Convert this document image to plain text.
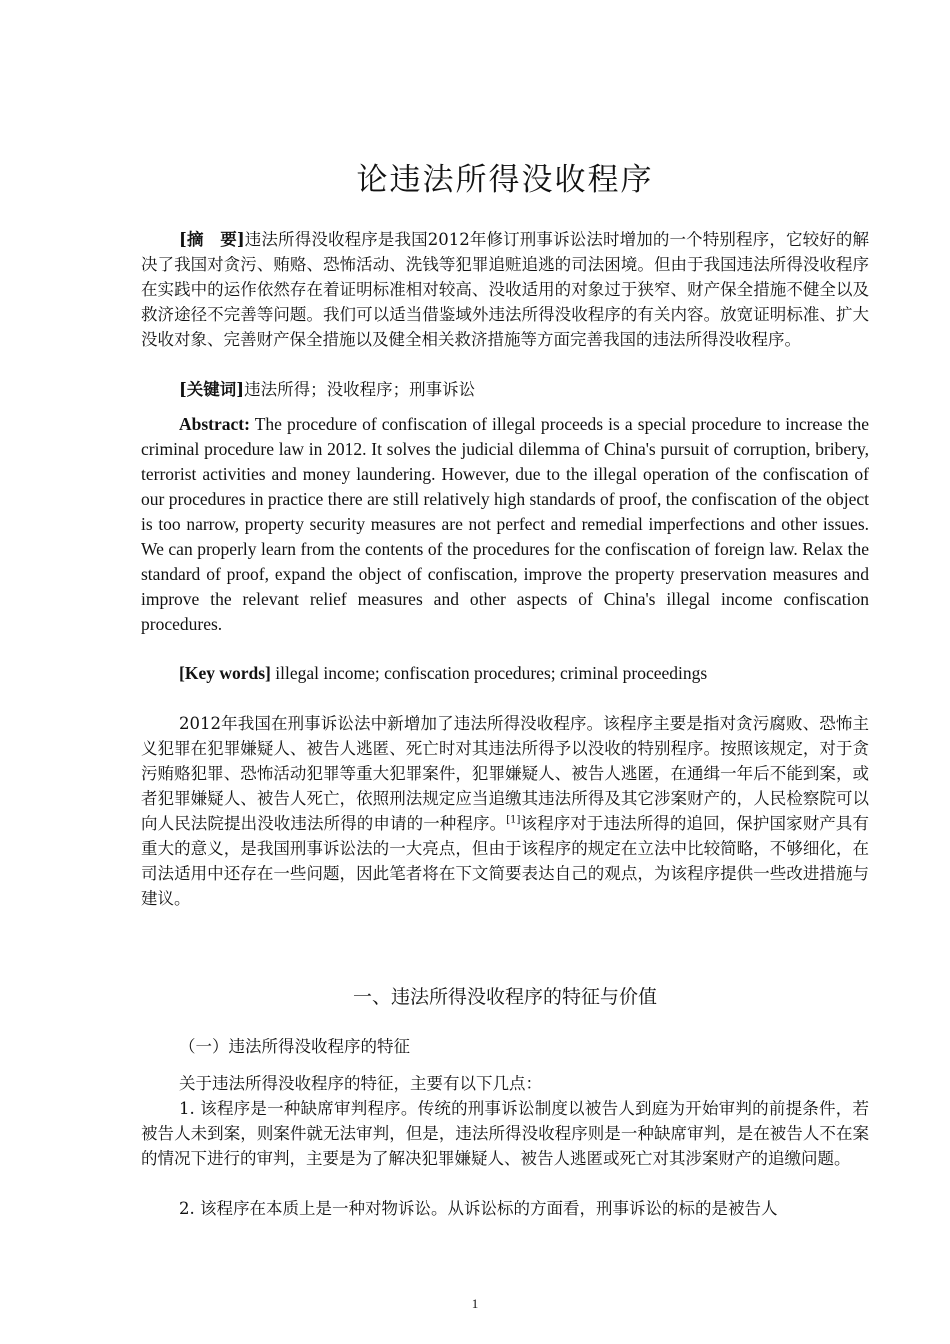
论违法所得没收程序

[摘　要]违法所得没收程序是我国2012年修订刑事诉讼法时增加的一个特别程序，它较好的解决了我国对贪污、贿赂、恐怖活动、洗钱等犯罪追赃追逃的司法困境。但由于我国违法所得没收程序在实践中的运作依然存在着证明标准相对较高、没收适用的对象过于狭窄、财产保全措施不健全以及救济途径不完善等问题。我们可以适当借鉴域外违法所得没收程序的有关内容。放宽证明标准、扩大没收对象、完善财产保全措施以及健全相关救济措施等方面完善我国的违法所得没收程序。

[关键词]违法所得；没收程序；刑事诉讼

Abstract: The procedure of confiscation of illegal proceeds is a special procedure to increase the criminal procedure law in 2012. It solves the judicial dilemma of China's pursuit of corruption, bribery, terrorist activities and money laundering. However, due to the illegal operation of the confiscation of our procedures in practice there are still relatively high standards of proof, the confiscation of the object is too narrow, property security measures are not perfect and remedial imperfections and other issues. We can properly learn from the contents of the procedures for the confiscation of foreign law. Relax the standard of proof, expand the object of confiscation, improve the property preservation measures and improve the relevant relief measures and other aspects of China's illegal income confiscation procedures.

[Key words] illegal income; confiscation procedures; criminal proceedings

2012年我国在刑事诉讼法中新增加了违法所得没收程序。该程序主要是指对贪污腐败、恐怖主义犯罪在犯罪嫌疑人、被告人逃匿、死亡时对其违法所得予以没收的特别程序。按照该规定，对于贪污贿赂犯罪、恐怖活动犯罪等重大犯罪案件，犯罪嫌疑人、被告人逃匿，在通缉一年后不能到案，或者犯罪嫌疑人、被告人死亡，依照刑法规定应当追缴其违法所得及其它涉案财产的，人民检察院可以向人民法院提出没收违法所得的申请的一种程序。[1]该程序对于违法所得的追回，保护国家财产具有重大的意义，是我国刑事诉讼法的一大亮点，但由于该程序的规定在立法中比较简略，不够细化，在司法适用中还存在一些问题，因此笔者将在下文简要表达自己的观点，为该程序提供一些改进措施与建议。

一、违法所得没收程序的特征与价值
（一）违法所得没收程序的特征

关于违法所得没收程序的特征，主要有以下几点：

1. 该程序是一种缺席审判程序。传统的刑事诉讼制度以被告人到庭为开始审判的前提条件，若被告人未到案，则案件就无法审判，但是，违法所得没收程序则是一种缺席审判，是在被告人不在案的情况下进行的审判，主要是为了解决犯罪嫌疑人、被告人逃匿或死亡对其涉案财产的追缴问题。

2. 该程序在本质上是一种对物诉讼。从诉讼标的方面看，刑事诉讼的标的是被告人

1
